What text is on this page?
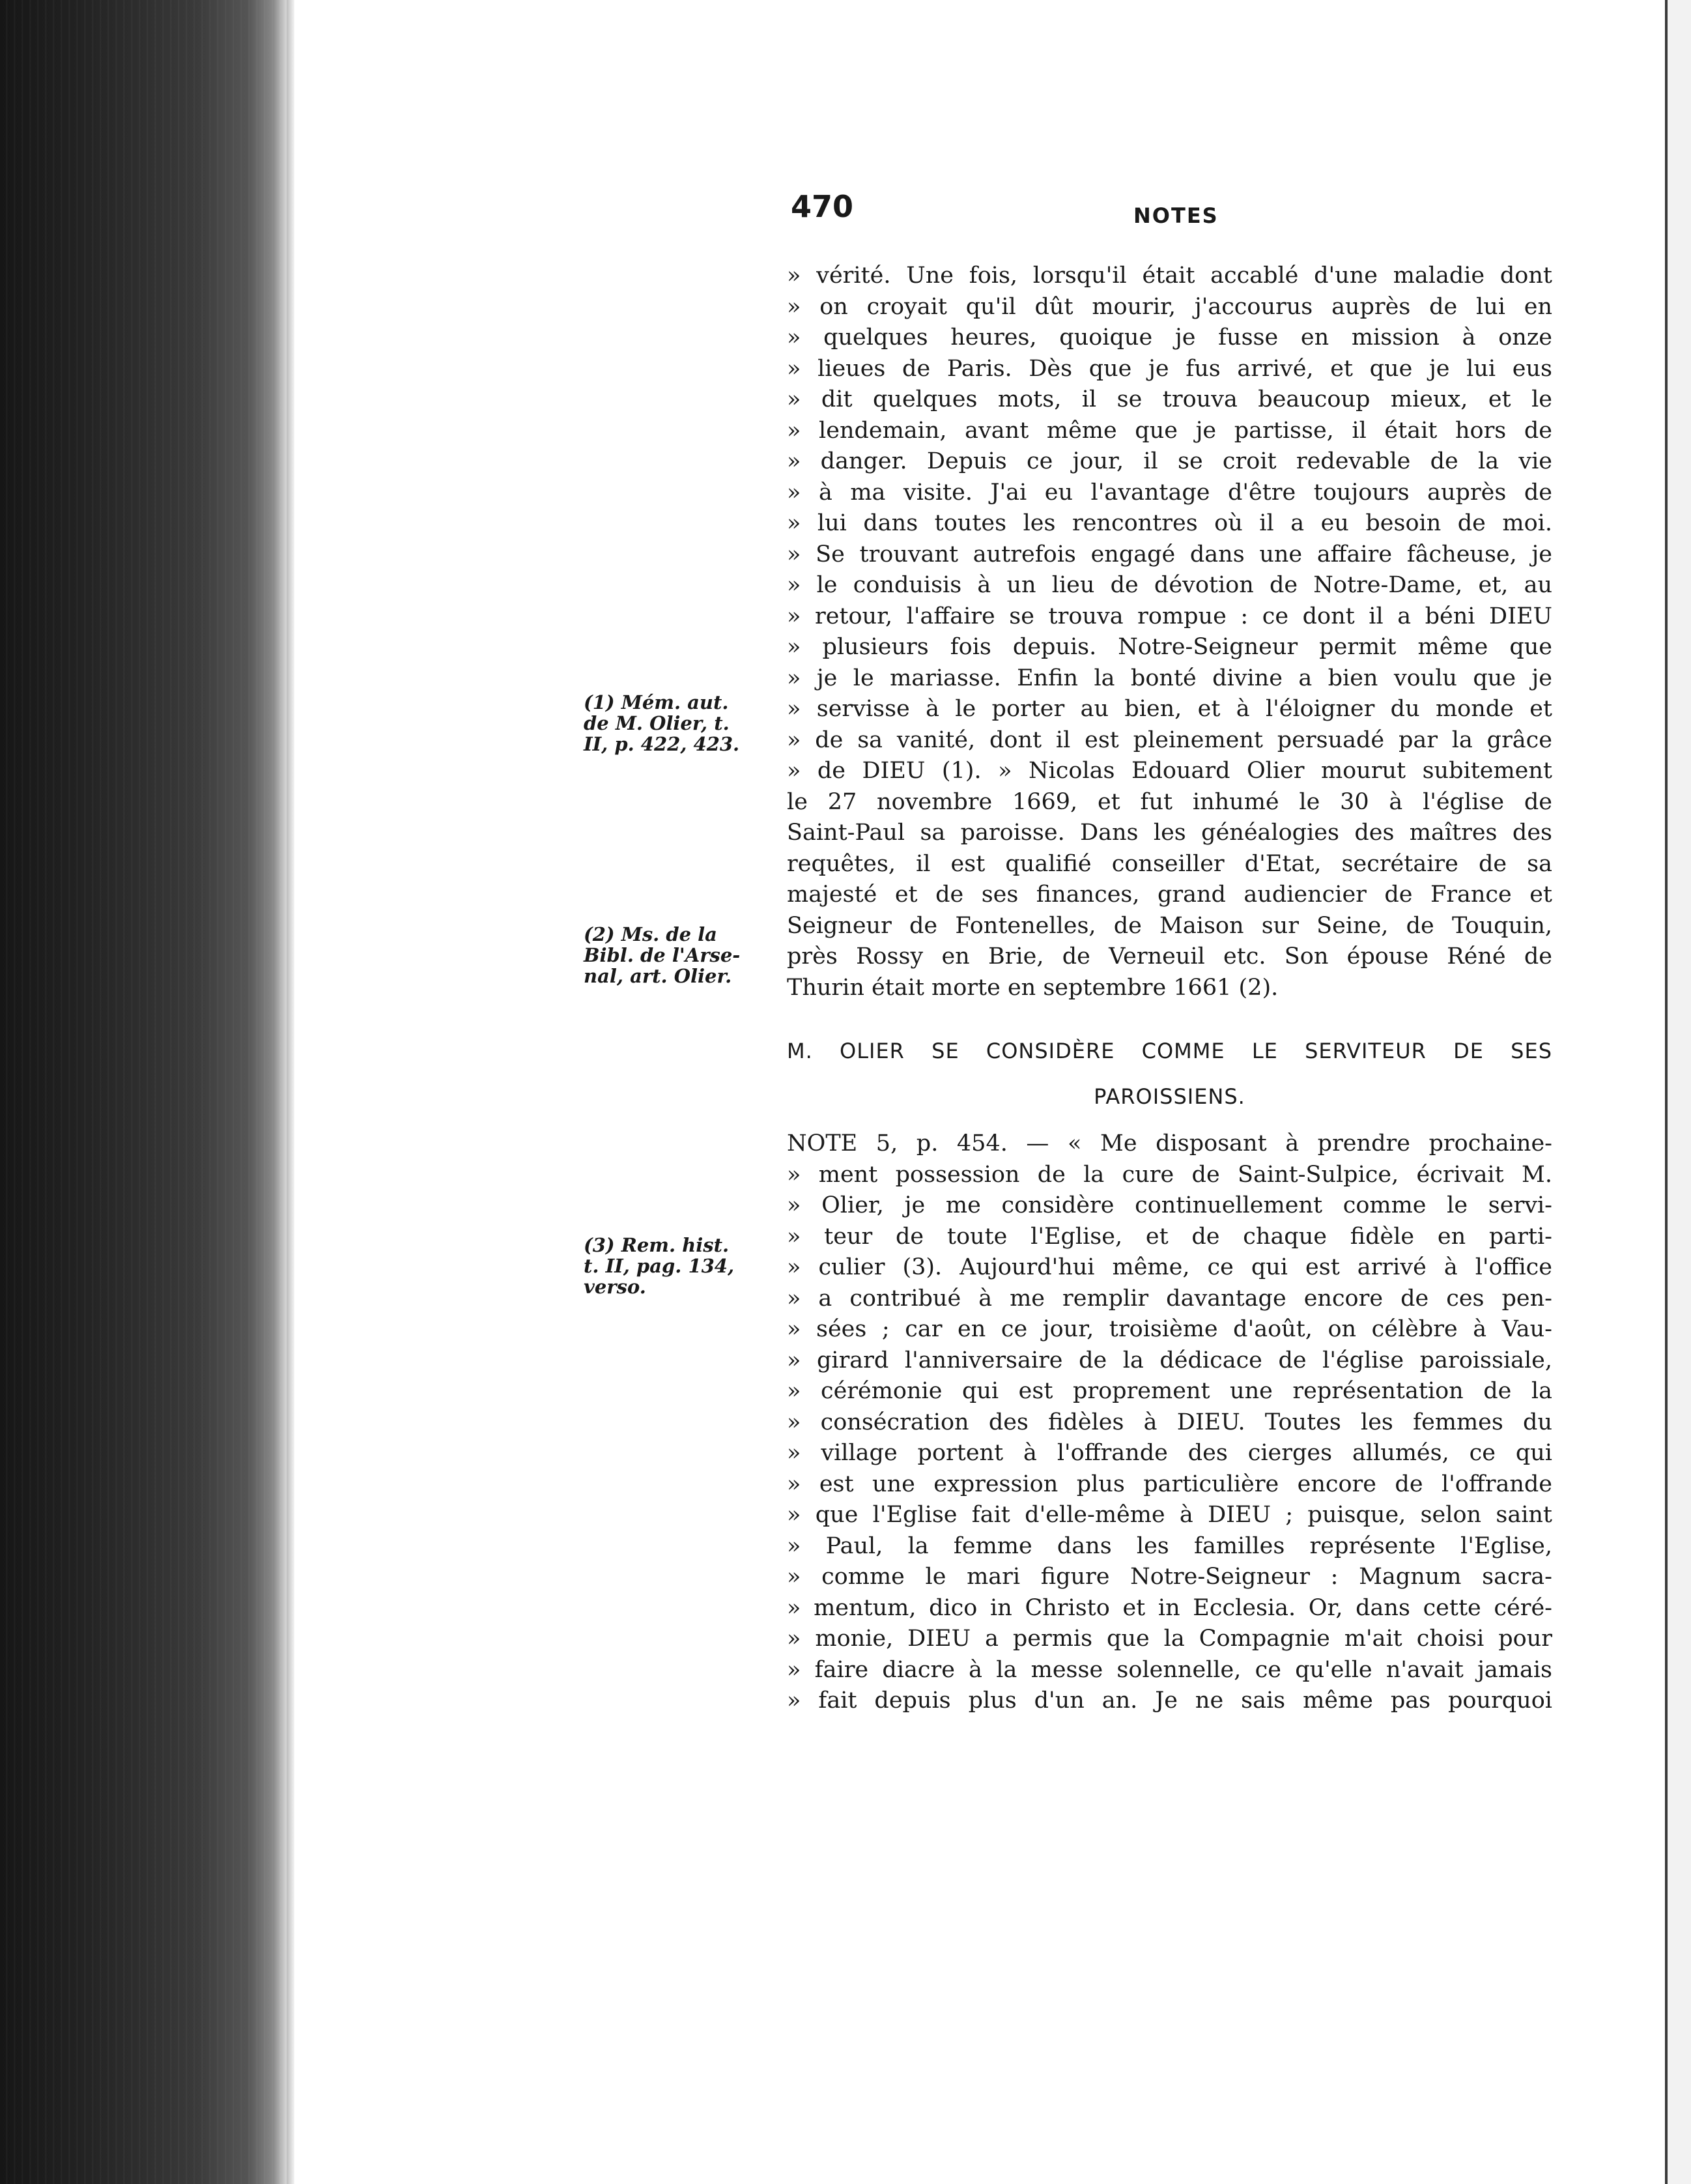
470	NOTES
» vérité. Une fois, lorsqu'il était accablé d'une maladie dont
» on croyait qu'il dût mourir, j'accourus auprès de lui en
» quelques heures, quoique je fusse en mission à onze
» lieues de Paris. Dès que je fus arrivé, et que je lui eus
» dit quelques mots, il se trouva beaucoup mieux, et le
» lendemain, avant même que je partisse, il était hors de
» danger. Depuis ce jour, il se croit redevable de la vie
» à ma visite. J'ai eu l'avantage d'être toujours auprès de
» lui dans toutes les rencontres où il a eu besoin de moi.
» Se trouvant autrefois engagé dans une affaire fâcheuse, je
» le conduisis à un lieu de dévotion de Notre-Dame, et, au
» retour, l'affaire se trouva rompue : ce dont il a béni DIEU
» plusieurs fois depuis. Notre-Seigneur permit même que
» je le mariasse. Enfin la bonté divine a bien voulu que je
» servisse à le porter au bien, et à l'éloigner du monde et
» de sa vanité, dont il est pleinement persuadé par la grâce
» de DIEU (1). » Nicolas Edouard Olier mourut subitement
le 27 novembre 1669, et fut inhumé le 30 à l'église de
Saint-Paul sa paroisse. Dans les généalogies des maîtres des
requêtes, il est qualifié conseiller d'Etat, secrétaire de sa
majesté et de ses finances, grand audiencier de France et
Seigneur de Fontenelles, de Maison sur Seine, de Touquin,
près Rossy en Brie, de Verneuil etc. Son épouse Réné de
Thurin était morte en septembre 1661 (2).
M. OLIER SE CONSIDÈRE COMME LE SERVITEUR DE SES
PAROISSIENS.
NOTE 5, p. 454. — « Me disposant à prendre prochaine-
» ment possession de la cure de Saint-Sulpice, écrivait M.
» Olier, je me considère continuellement comme le servi-
» teur de toute l'Eglise, et de chaque fidèle en parti-
» culier (3). Aujourd'hui même, ce qui est arrivé à l'office
» a contribué à me remplir davantage encore de ces pen-
» sées ; car en ce jour, troisième d'août, on célèbre à Vau-
» girard l'anniversaire de la dédicace de l'église paroissiale,
» cérémonie qui est proprement une représentation de la
» consécration des fidèles à DIEU. Toutes les femmes du
» village portent à l'offrande des cierges allumés, ce qui
» est une expression plus particulière encore de l'offrande
» que l'Eglise fait d'elle-même à DIEU ; puisque, selon saint
» Paul, la femme dans les familles représente l'Eglise,
» comme le mari figure Notre-Seigneur : Magnum sacra-
» mentum, dico in Christo et in Ecclesia. Or, dans cette céré-
» monie, DIEU a permis que la Compagnie m'ait choisi pour
» faire diacre à la messe solennelle, ce qu'elle n'avait jamais
» fait depuis plus d'un an. Je ne sais même pas pourquoi
(1) Mém. aut.
de M. Olier, t.
II, p. 422, 423.
(2) Ms. de la
Bibl. de l'Arse-
nal, art. Olier.
(3) Rem. hist.
t. II, pag. 134,
verso.
